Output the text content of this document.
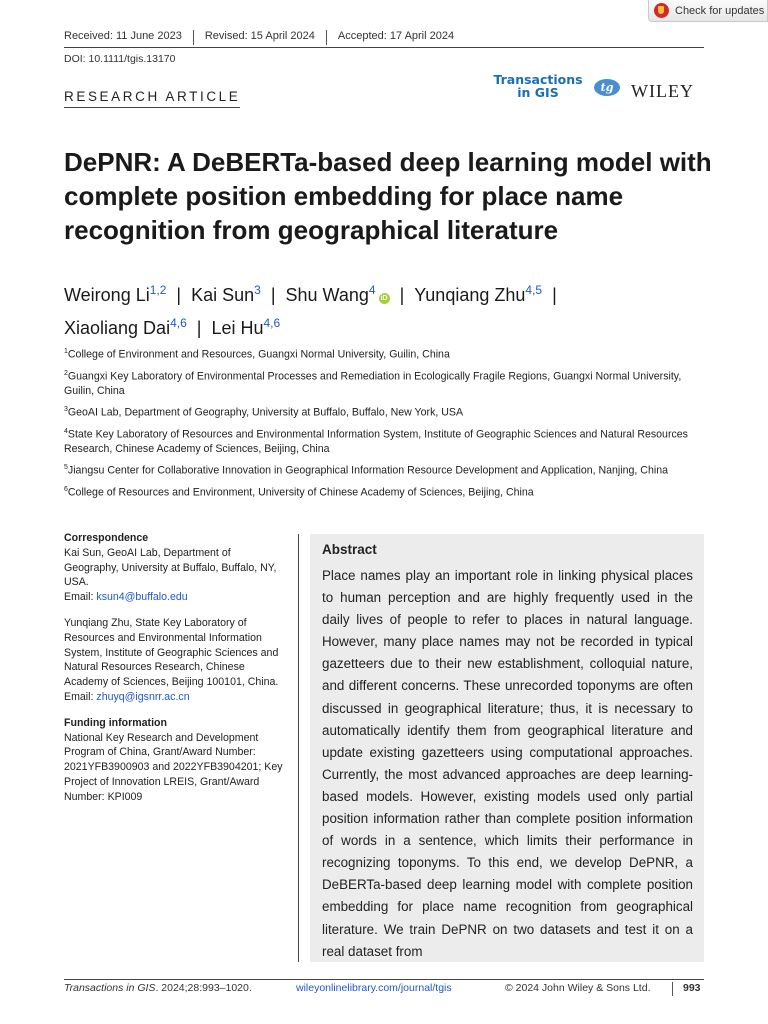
Check for updates
Received: 11 June 2023 Revised: 15 April 2024 Accepted: 17 April 2024
DOI: 10.1111/tgis.13170
RESEARCH ARTICLE
Transactions
in GIS	tg WILEY
DePNR: A DeBERTa-based deep learning model with complete position embedding for place name recognition from geographical literature
Weirong Li$^{1,2}$ | Kai Sun$^3$ | Shu Wang$^4$iD | Yunqiang Zhu$^{4,5}$ |
Xiaoliang Dai$^{4,6}$ | Lei Hu$^{4,6}$

$^1$College of Environment and Resources, Guangxi Normal University, Guilin, China

$^2$Guangxi Key Laboratory of Environmental Processes and Remediation in Ecologically Fragile Regions, Guangxi Normal University, Guilin, China

$^3$GeoAI Lab, Department of Geography, University at Buffalo, Buffalo, New York, USA

$^4$State Key Laboratory of Resources and Environmental Information System, Institute of Geographic Sciences and Natural Resources Research, Chinese Academy of Sciences, Beijing, China

$^5$Jiangsu Center for Collaborative Innovation in Geographical Information Resource Development and Application, Nanjing, China

$^6$College of Resources and Environment, University of Chinese Academy of Sciences, Beijing, China

Correspondence

Kai Sun, GeoAI Lab, Department of Geography, University at Buffalo, Buffalo, NY, USA.
Email: ksun4@buffalo.edu

Yunqiang Zhu, State Key Laboratory of Resources and Environmental Information System, Institute of Geographic Sciences and Natural Resources Research, Chinese Academy of Sciences, Beijing 100101, China.
Email: zhuyq@igsnrr.ac.cn

Funding information

National Key Research and Development Program of China, Grant/Award Number: 2021YFB3900903 and 2022YFB3904201; Key Project of Innovation LREIS, Grant/Award Number: KPI009

Abstract
Place names play an important role in linking physical places to human perception and are highly frequently used in the daily lives of people to refer to places in natural language. However, many place names may not be recorded in typical gazetteers due to their new establishment, colloquial nature, and different concerns. These unrecorded toponyms are often discussed in geographical literature; thus, it is necessary to automatically identify them from geographical literature and update existing gazetteers using computational approaches. Currently, the most advanced approaches are deep learning-based models. However, existing models used only partial position information rather than complete position information of words in a sentence, which limits their performance in recognizing toponyms. To this end, we develop DePNR, a DeBERTa-based deep learning model with complete position embedding for place name recognition from geographical literature. We train DePNR on two datasets and test it on a real dataset from
Transactions in GIS. 2024;28:993–1020.	wileyonlinelibrary.com/journal/tgis	© 2024 John Wiley & Sons Ltd.	993
